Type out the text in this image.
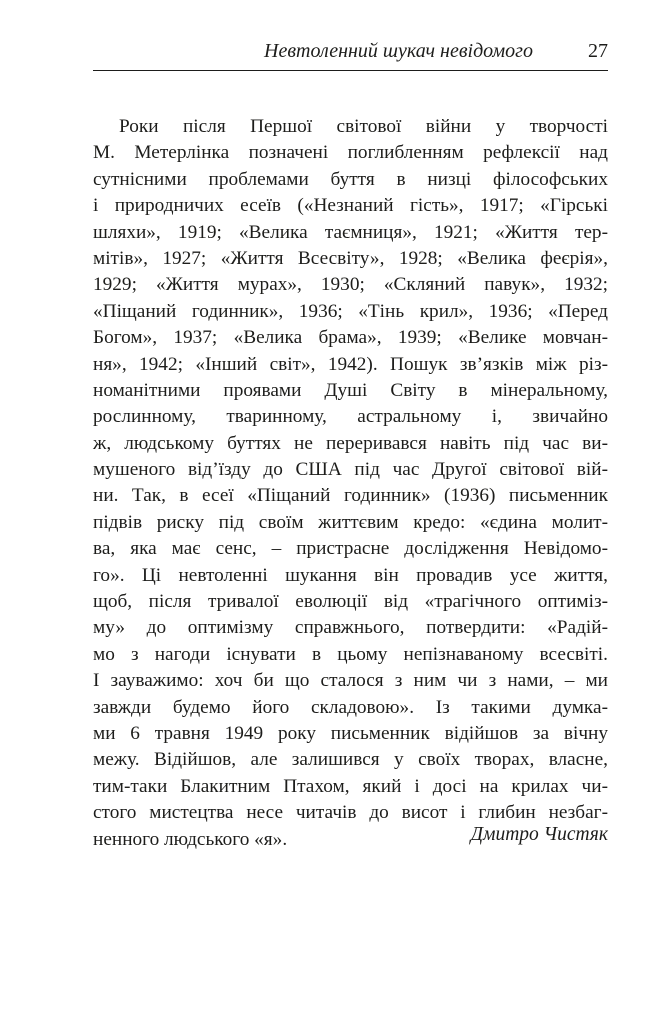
Невтоленний шукач невідомого	27
Роки після Першої світової війни у творчості
М. Метерлінка позначені поглибленням рефлексії над
сутнісними проблемами буття в низці філософських
і природничих есеїв («Незнаний гість», 1917; «Гірські
шляхи», 1919; «Велика таємниця», 1921; «Життя тер-
мітів», 1927; «Життя Всесвіту», 1928; «Велика феєрія»,
1929; «Життя мурах», 1930; «Скляний павук», 1932;
«Піщаний годинник», 1936; «Тінь крил», 1936; «Перед
Богом», 1937; «Велика брама», 1939; «Велике мовчан-
ня», 1942; «Інший світ», 1942). Пошук зв’язків між різ-
номанітними проявами Душі Світу в мінеральному,
рослинному, тваринному, астральному і, звичайно
ж, людському буттях не переривався навіть під час ви-
мушеного від’їзду до США під час Другої світової вій-
ни. Так, в есеї «Піщаний годинник» (1936) письменник
підвів риску під своїм життєвим кредо: «єдина молит-
ва, яка має сенс, – пристрасне дослідження Невідомо-
го». Ці невтоленні шукання він провадив усе життя,
щоб, після тривалої еволюції від «трагічного оптиміз-
му» до оптимізму справжнього, потвердити: «Радій-
мо з нагоди існувати в цьому непізнаваному всесвіті.
І зауважимо: хоч би що сталося з ним чи з нами, – ми
завжди будемо його складовою». Із такими думка-
ми 6 травня 1949 року письменник відійшов за вічну
межу. Відійшов, але залишився у своїх творах, власне,
тим-таки Блакитним Птахом, який і досі на крилах чи-
стого мистецтва несе читачів до висот і глибин незбаг-
ненного людського «я».	Дмитро Чистяк
